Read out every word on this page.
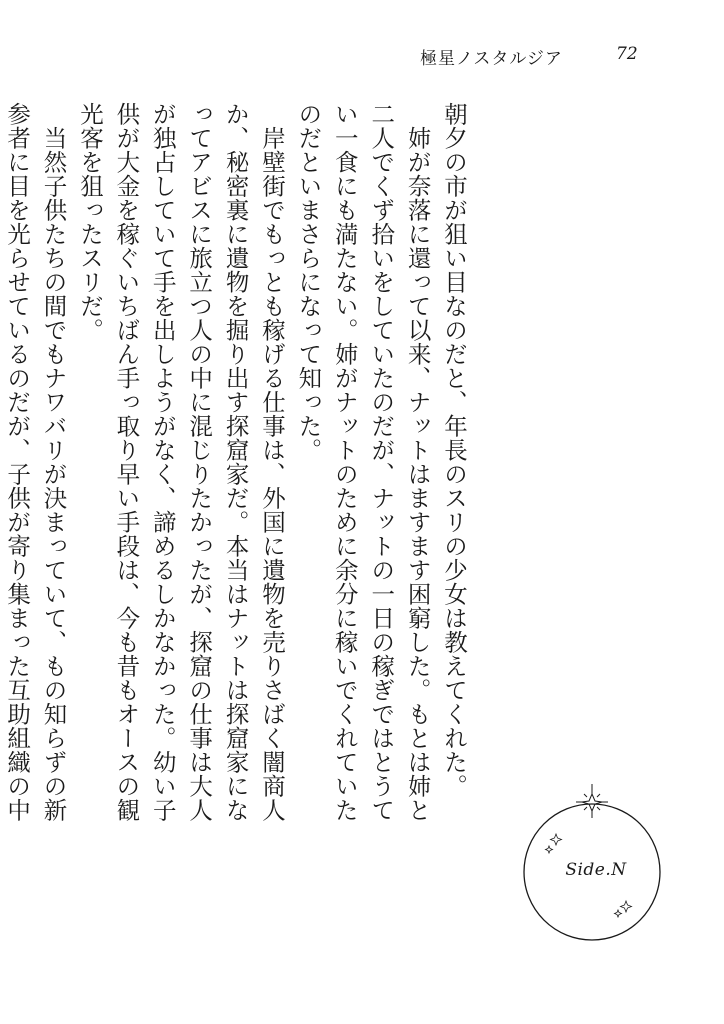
極星ノスタルジア	72

朝夕の市が狙い目なのだと、年長のスリの少女は教えてくれた。

姉が奈落に還って以来、ナットはますます困窮した。もとは姉と二人でくず拾いをしていたのだが、ナットの一日の稼ぎではとうてい一食にも満たない。姉がナットのために余分に稼いでくれていたのだといまさらになって知った。

岸壁街でもっとも稼げる仕事は、外国に遺物を売りさばく闇商人か、秘密裏に遺物を掘り出す探窟家だ。本当はナットは探窟家になってアビスに旅立つ人の中に混じりたかったが、探窟の仕事は大人が独占していて手を出しようがなく、諦めるしかなかった。幼い子供が大金を稼ぐいちばん手っ取り早い手段は、今も昔もオースの観光客を狙ったスリだ。

当然子供たちの間でもナワバリが決まっていて、もの知らずの新参者に目を光らせているのだが、子供が寄り集まった互助組織の中

Side.N
